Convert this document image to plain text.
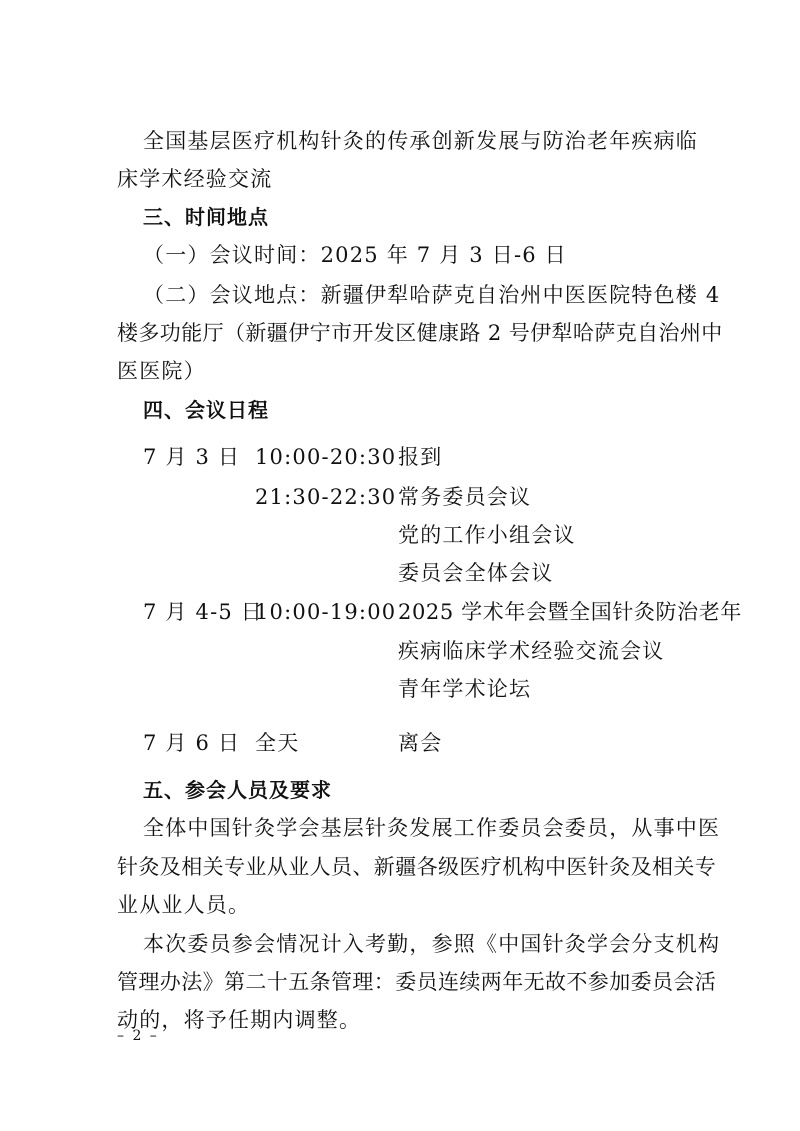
全国基层医疗机构针灸的传承创新发展与防治老年疾病临
床学术经验交流
三、时间地点
（一）会议时间：2025 年 7 月 3 日-6 日
（二）会议地点：新疆伊犁哈萨克自治州中医医院特色楼 4
楼多功能厅（新疆伊宁市开发区健康路 2 号伊犁哈萨克自治州中
医医院）
四、会议日程
7 月 3 日 10:00-20:30 报到
21:30-22:30 常务委员会议
党的工作小组会议
委员会全体会议
7 月 4-5 日
10:00-19:00 2025 学术年会暨全国针灸防治老年
疾病临床学术经验交流会议
青年学术论坛
7 月 6 日 全天	离会
五、参会人员及要求
全体中国针灸学会基层针灸发展工作委员会委员，从事中医
针灸及相关专业从业人员、新疆各级医疗机构中医针灸及相关专
业从业人员。
本次委员参会情况计入考勤，参照《中国针灸学会分支机构
管理办法》第二十五条管理：委员连续两年无故不参加委员会活
动的，将予任期内调整。
– 2 –
